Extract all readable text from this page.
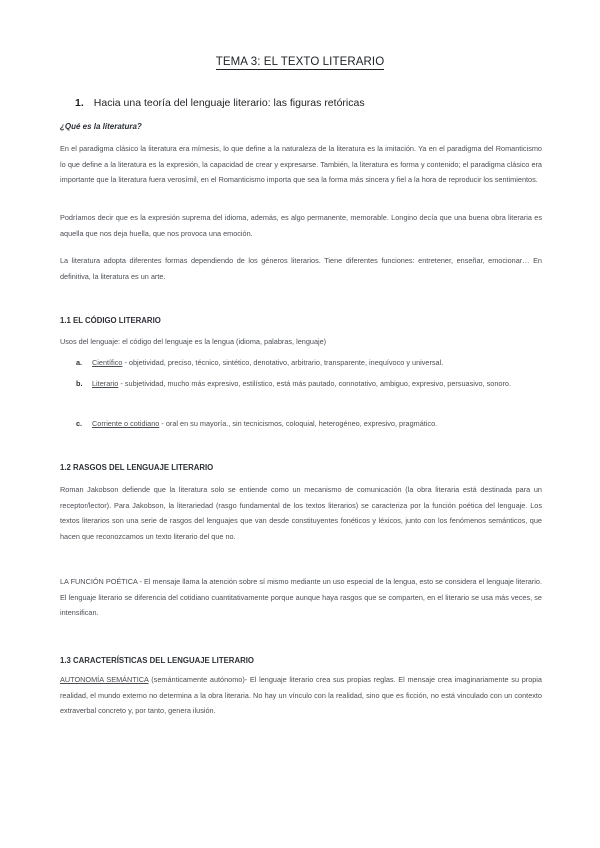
TEMA 3: EL TEXTO LITERARIO
1. Hacia una teoría del lenguaje literario: las figuras retóricas
¿Qué es la literatura?

En el paradigma clásico la literatura era mímesis, lo que define a la naturaleza de la literatura es la imitación. Ya en el paradigma del Romanticismo lo que define a la literatura es la expresión, la capacidad de crear y expresarse. También, la literatura es forma y contenido; el paradigma clásico era importante que la literatura fuera verosímil, en el Romanticismo importa que sea la forma más sincera y fiel a la hora de reproducir los sentimientos.

Podríamos decir que es la expresión suprema del idioma, además, es algo permanente, memorable. Longino decía que una buena obra literaria es aquella que nos deja huella, que nos provoca una emoción.

La literatura adopta diferentes formas dependiendo de los géneros literarios. Tiene diferentes funciones: entretener, enseñar, emocionar… En definitiva, la literatura es un arte.

1.1 EL CÓDIGO LITERARIO

Usos del lenguaje: el código del lenguaje es la lengua (idioma, palabras, lenguaje)

a. Científico - objetividad, preciso, técnico, sintético, denotativo, arbitrario, transparente, inequívoco y universal.
b. Literario - subjetividad, mucho más expresivo, estilístico, está más pautado, connotativo, ambiguo, expresivo, persuasivo, sonoro.
c. Corriente o cotidiano - oral en su mayoría., sin tecnicismos, coloquial, heterogéneo, expresivo, pragmático.
1.2 RASGOS DEL LENGUAJE LITERARIO

Roman Jakobson defiende que la literatura solo se entiende como un mecanismo de comunicación (la obra literaria está destinada para un receptor/lector). Para Jakobson, la literariedad (rasgo fundamental de los textos literarios) se caracteriza por la función poética del lenguaje. Los textos literarios son una serie de rasgos del lenguajes que van desde constituyentes fonéticos y léxicos, junto con los fenómenos semánticos, que hacen que reconozcamos un texto literario del que no.

LA FUNCIÓN POÉTICA - El mensaje llama la atención sobre sí mismo mediante un uso especial de la lengua, esto se considera el lenguaje literario. El lenguaje literario se diferencia del cotidiano cuantitativamente porque aunque haya rasgos que se comparten, en el literario se usa más veces, se intensifican.

1.3 CARACTERÍSTICAS DEL LENGUAJE LITERARIO

AUTONOMÍA SEMÁNTICA (semánticamente autónomo)- El lenguaje literario crea sus propias reglas. El mensaje crea imaginariamente su propia realidad, el mundo externo no determina a la obra literaria. No hay un vínculo con la realidad, sino que es ficción, no está vinculado con un contexto extraverbal concreto y, por tanto, genera ilusión.
